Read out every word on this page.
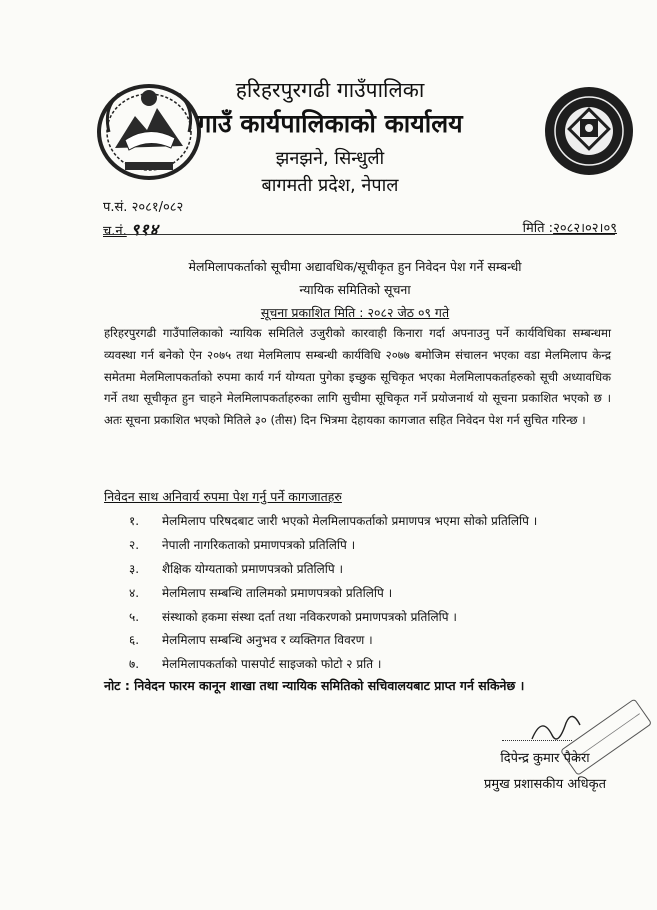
हरिहरपुरगढी गाउँपालिका
गाउँ कार्यपालिकाको कार्यालय
झनझने, सिन्धुली
बागमती प्रदेश, नेपाल
प.सं. २०८१/०८२
च.नं. ९१४	मिति :२०८२।०२।०९
मेलमिलापकर्ताको सूचीमा अद्यावधिक/सूचीकृत हुन निवेदन पेश गर्ने सम्बन्धी
न्यायिक समितिको सूचना
सूचना प्रकाशित मिति : २०८२ जेठ ०९ गते
हरिहरपुरगढी गाउँपालिकाको न्यायिक समितिले उजुरीको कारवाही किनारा गर्दा अपनाउनु पर्ने कार्यविधिका सम्बन्धमा व्यवस्था गर्न बनेको ऐन २०७५ तथा मेलमिलाप सम्बन्धी कार्यविधि २०७७ बमोजिम संचालन भएका वडा मेलमिलाप केन्द्र समेतमा मेलमिलापकर्ताको रुपमा कार्य गर्न योग्यता पुगेका इच्छुक सूचिकृत भएका मेलमिलापकर्ताहरुको सूची अध्यावधिक गर्ने तथा सूचीकृत हुन चाहने मेलमिलापकर्ताहरुका लागि सुचीमा सूचिकृत गर्ने प्रयोजनार्थ यो सूचना प्रकाशित भएको छ । अतः सूचना प्रकाशित भएको मितिले ३० (तीस) दिन भित्रमा देहायका कागजात सहित निवेदन पेश गर्न सुचित गरिन्छ ।
निवेदन साथ अनिवार्य रुपमा पेश गर्नु पर्ने कागजातहरु
१. मेलमिलाप परिषदबाट जारी भएको मेलमिलापकर्ताको प्रमाणपत्र भएमा सोको प्रतिलिपि ।
२. नेपाली नागरिकताको प्रमाणपत्रको प्रतिलिपि ।
३. शैक्षिक योग्यताको प्रमाणपत्रको प्रतिलिपि ।
४. मेलमिलाप सम्बन्धि तालिमको प्रमाणपत्रको प्रतिलिपि ।
५. संस्थाको हकमा संस्था दर्ता तथा नविकरणको प्रमाणपत्रको प्रतिलिपि ।
६. मेलमिलाप सम्बन्धि अनुभव र व्यक्तिगत विवरण ।
७. मेलमिलापकर्ताको पासपोर्ट साइजको फोटो २ प्रति ।
नोट : निवेदन फारम कानून शाखा तथा न्यायिक समितिको सचिवालयबाट प्राप्त गर्न सकिनेछ ।
दिपेन्द्र कुमार पैकेरा
प्रमुख प्रशासकीय अधिकृत
